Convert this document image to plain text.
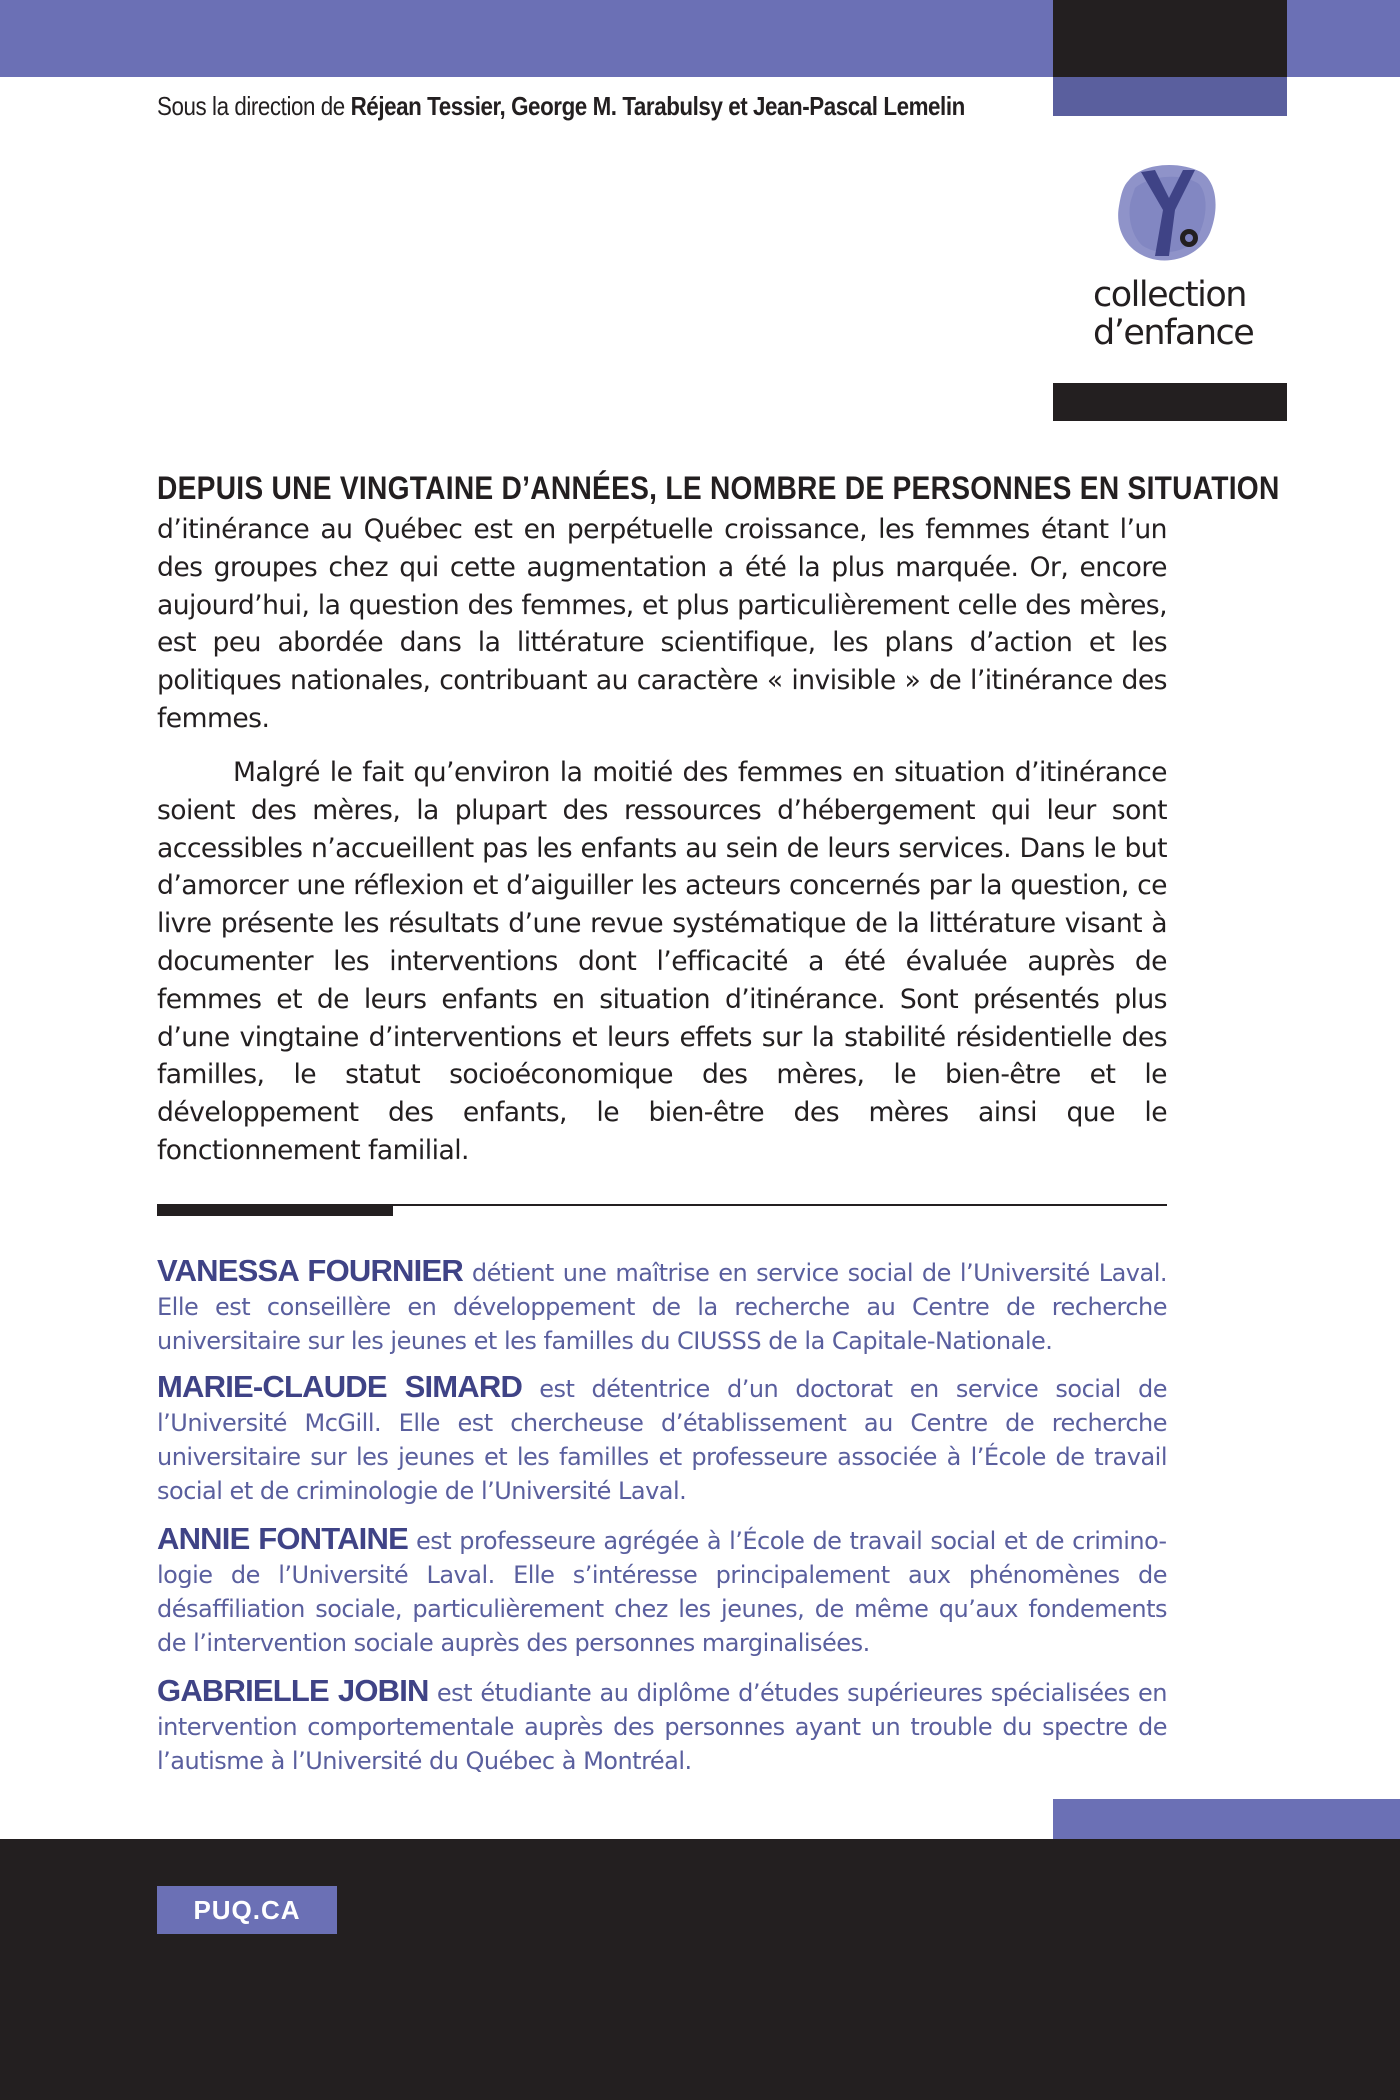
Sous la direction de Réjean Tessier, George M. Tarabulsy et Jean-Pascal Lemelin
collection
d’enfance
DEPUIS UNE VINGTAINE D’ANNÉES, LE NOMBRE DE PERSONNES EN SITUATION

d’itinérance au Québec est en perpétuelle croissance, les femmes étant l’un des groupes chez qui cette augmentation a été la plus marquée. Or, encore aujourd’hui, la question des femmes, et plus particulièrement celle des mères, est peu abordée dans la littérature scientifique, les plans d’action et les politiques nationales, contribuant au caractère « invisible » de l’itinérance des femmes.

Malgré le fait qu’environ la moitié des femmes en situation d’itinérance soient des mères, la plupart des ressources d’hébergement qui leur sont accessibles n’accueillent pas les enfants au sein de leurs services. Dans le but d’amorcer une réflexion et d’aiguiller les acteurs concernés par la question, ce livre présente les résultats d’une revue systématique de la littérature visant à documenter les interventions dont l’efficacité a été évaluée auprès de femmes et de leurs enfants en situation d’itinérance. Sont présentés plus d’une vingtaine d’interventions et leurs effets sur la stabilité résidentielle des familles, le statut socioéconomique des mères, le bien-être et le développement des enfants, le bien-être des mères ainsi que le fonctionnement familial.

VANESSA FOURNIER détient une maîtrise en service social de l’Université Laval. Elle est conseillère en développement de la recherche au Centre de recherche universitaire sur les jeunes et les familles du CIUSSS de la Capitale-Nationale.

MARIE-CLAUDE SIMARD est détentrice d’un doctorat en service social de l’Université McGill. Elle est chercheuse d’établissement au Centre de recherche universitaire sur les jeunes et les familles et professeure associée à l’École de travail social et de criminologie de l’Université Laval.

ANNIE FONTAINE est professeure agrégée à l’École de travail social et de criminologie de l’Université Laval. Elle s’intéresse principalement aux phénomènes de désaffiliation sociale, particulièrement chez les jeunes, de même qu’aux fondements de l’intervention sociale auprès des personnes marginalisées.

GABRIELLE JOBIN est étudiante au diplôme d’études supérieures spécialisées en intervention comportementale auprès des personnes ayant un trouble du spectre de l’autisme à l’Université du Québec à Montréal.

PUQ.CA
